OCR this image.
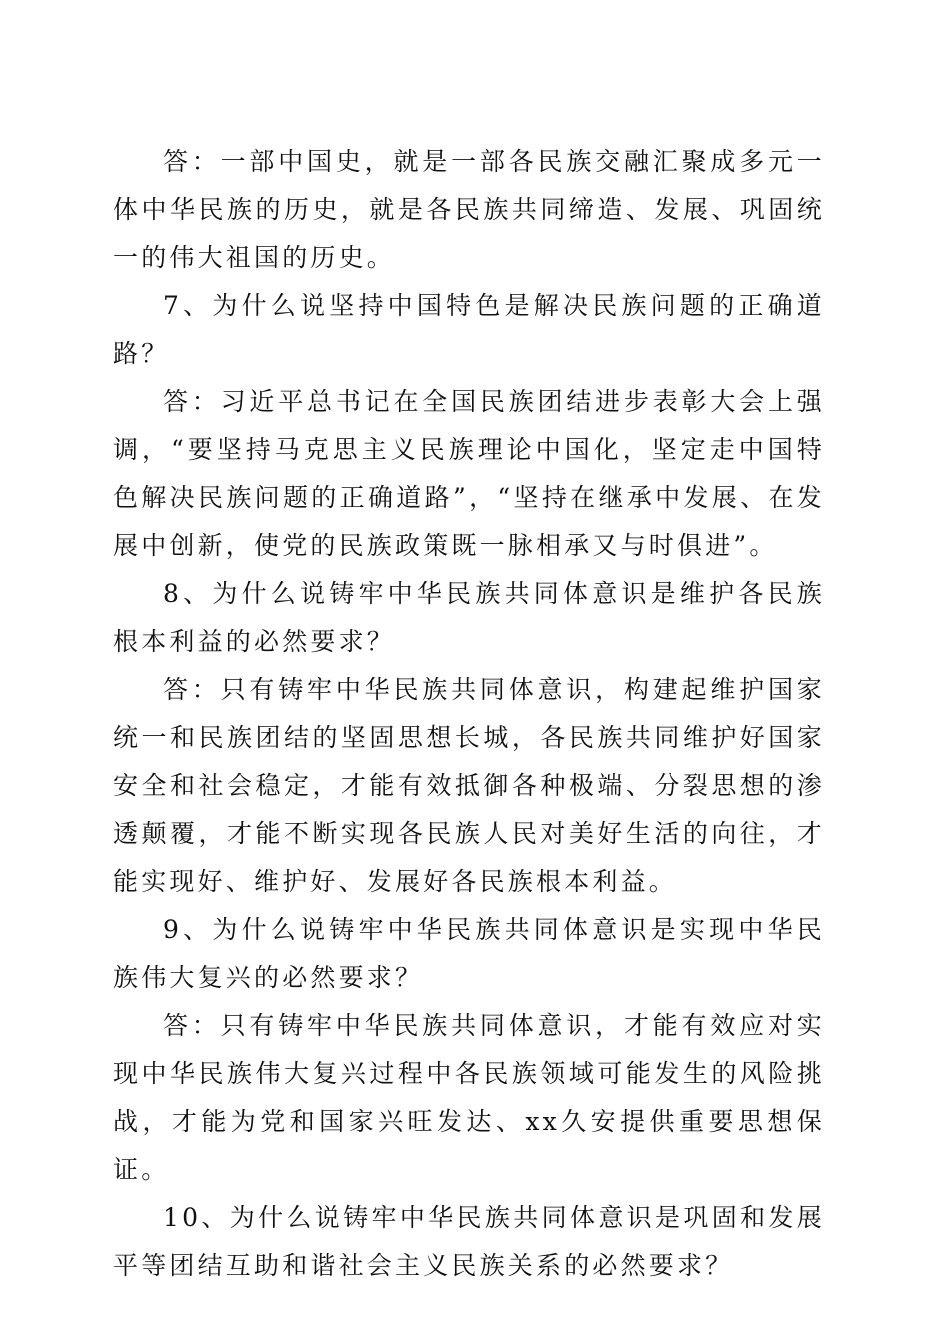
答：一部中国史，就是一部各民族交融汇聚成多元一体中华民族的历史，就是各民族共同缔造、发展、巩固统一的伟大祖国的历史。

7、为什么说坚持中国特色是解决民族问题的正确道路？

答：习近平总书记在全国民族团结进步表彰大会上强调，“要坚持马克思主义民族理论中国化，坚定走中国特色解决民族问题的正确道路”，“坚持在继承中发展、在发展中创新，使党的民族政策既一脉相承又与时俱进”。

8、为什么说铸牢中华民族共同体意识是维护各民族根本利益的必然要求？

答：只有铸牢中华民族共同体意识，构建起维护国家统一和民族团结的坚固思想长城，各民族共同维护好国家安全和社会稳定，才能有效抵御各种极端、分裂思想的渗透颠覆，才能不断实现各民族人民对美好生活的向往，才能实现好、维护好、发展好各民族根本利益。

9、为什么说铸牢中华民族共同体意识是实现中华民族伟大复兴的必然要求？

答：只有铸牢中华民族共同体意识，才能有效应对实现中华民族伟大复兴过程中各民族领域可能发生的风险挑战，才能为党和国家兴旺发达、xx久安提供重要思想保证。

10、为什么说铸牢中华民族共同体意识是巩固和发展平等团结互助和谐社会主义民族关系的必然要求？
